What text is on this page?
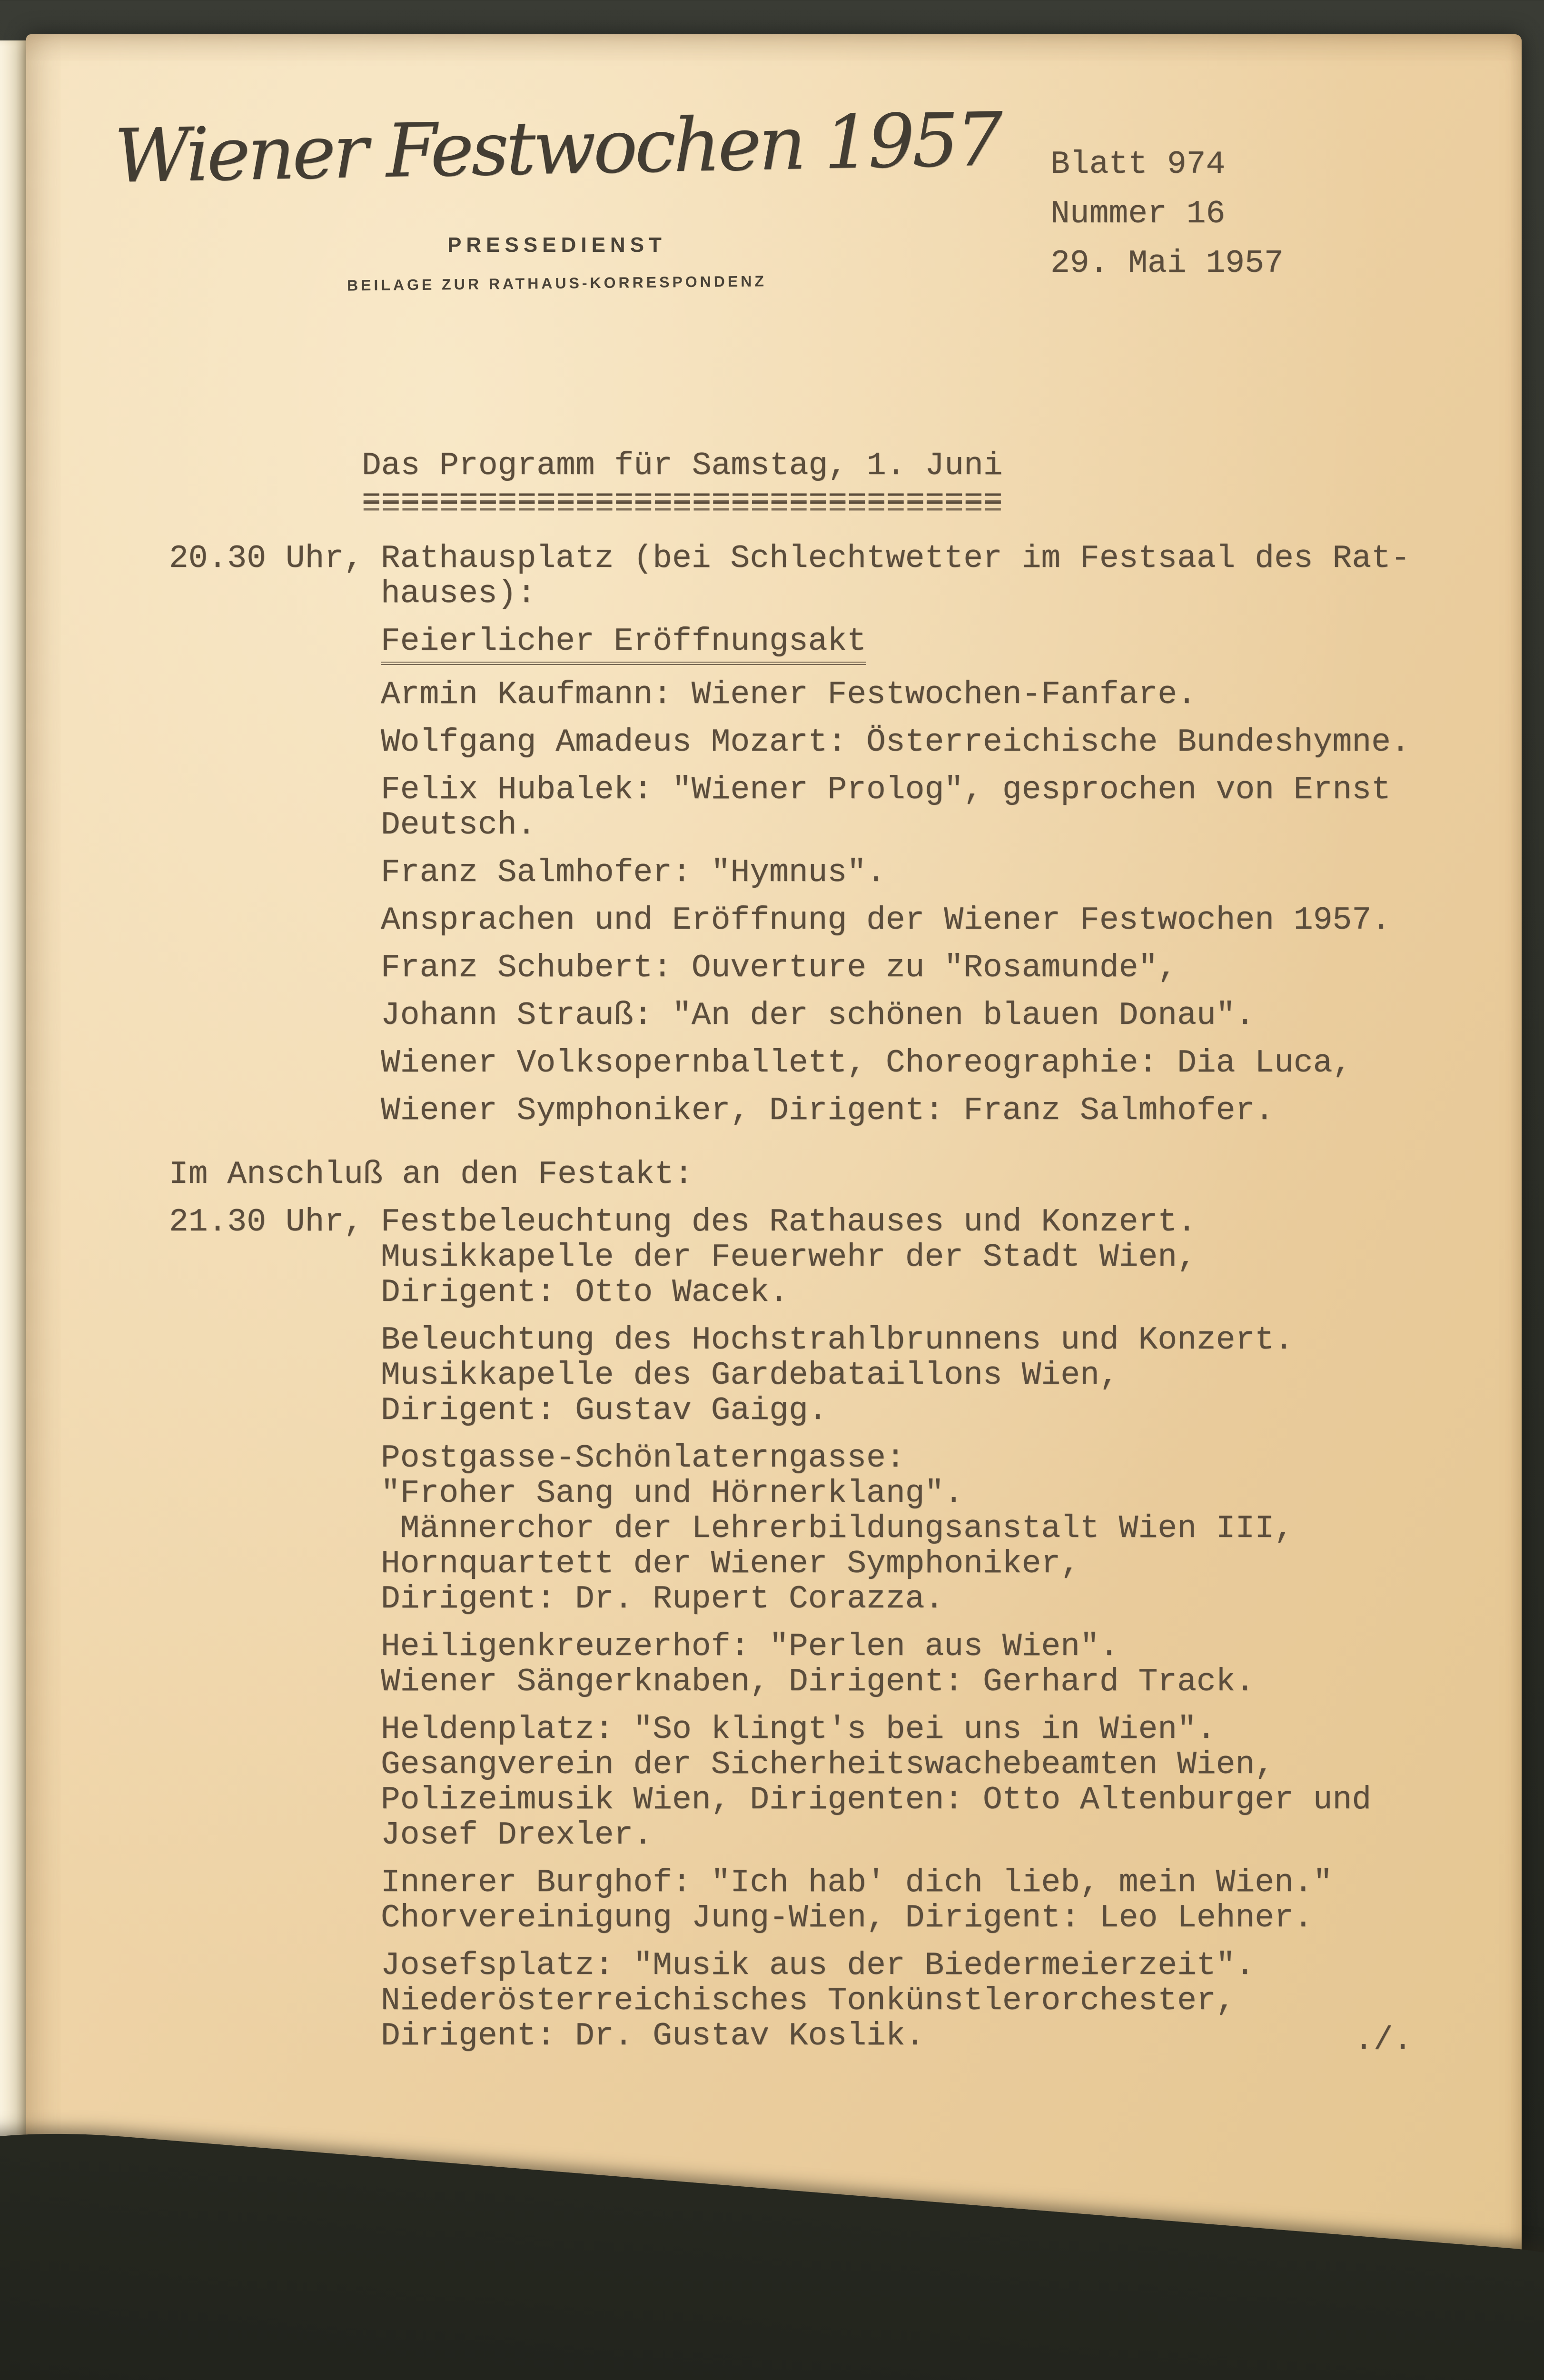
Wiener Festwochen 1957
PRESSEDIENST
BEILAGE ZUR RATHAUS-KORRESPONDENZ
Blatt 974
Nummer 16
29. Mai 1957
Das Programm für Samstag, 1. Juni
=================================
20.30 Uhr, Rathausplatz (bei Schlechtwetter im Festsaal des Rat-
hauses):
Feierlicher Eröffnungsakt
Armin Kaufmann: Wiener Festwochen-Fanfare.
Wolfgang Amadeus Mozart: Österreichische Bundeshymne.
Felix Hubalek: "Wiener Prolog", gesprochen von Ernst
Deutsch.
Franz Salmhofer: "Hymnus".
Ansprachen und Eröffnung der Wiener Festwochen 1957.
Franz Schubert: Ouverture zu "Rosamunde",
Johann Strauß: "An der schönen blauen Donau".
Wiener Volksopernballett, Choreographie: Dia Luca,
Wiener Symphoniker, Dirigent: Franz Salmhofer.
Im Anschluß an den Festakt:
21.30 Uhr, Festbeleuchtung des Rathauses und Konzert.
Musikkapelle der Feuerwehr der Stadt Wien,
Dirigent: Otto Wacek.
Beleuchtung des Hochstrahlbrunnens und Konzert.
Musikkapelle des Gardebataillons Wien,
Dirigent: Gustav Gaigg.
Postgasse-Schönlaterngasse:
"Froher Sang und Hörnerklang".
Männerchor der Lehrerbildungsanstalt Wien III,
Hornquartett der Wiener Symphoniker,
Dirigent: Dr. Rupert Corazza.
Heiligenkreuzerhof: "Perlen aus Wien".
Wiener Sängerknaben, Dirigent: Gerhard Track.
Heldenplatz: "So klingt's bei uns in Wien".
Gesangverein der Sicherheitswachebeamten Wien,
Polizeimusik Wien, Dirigenten: Otto Altenburger und
Josef Drexler.
Innerer Burghof: "Ich hab' dich lieb, mein Wien."
Chorvereinigung Jung-Wien, Dirigent: Leo Lehner.
Josefsplatz: "Musik aus der Biedermeierzeit".
Niederösterreichisches Tonkünstlerorchester,
Dirigent: Dr. Gustav Koslik.	./.
